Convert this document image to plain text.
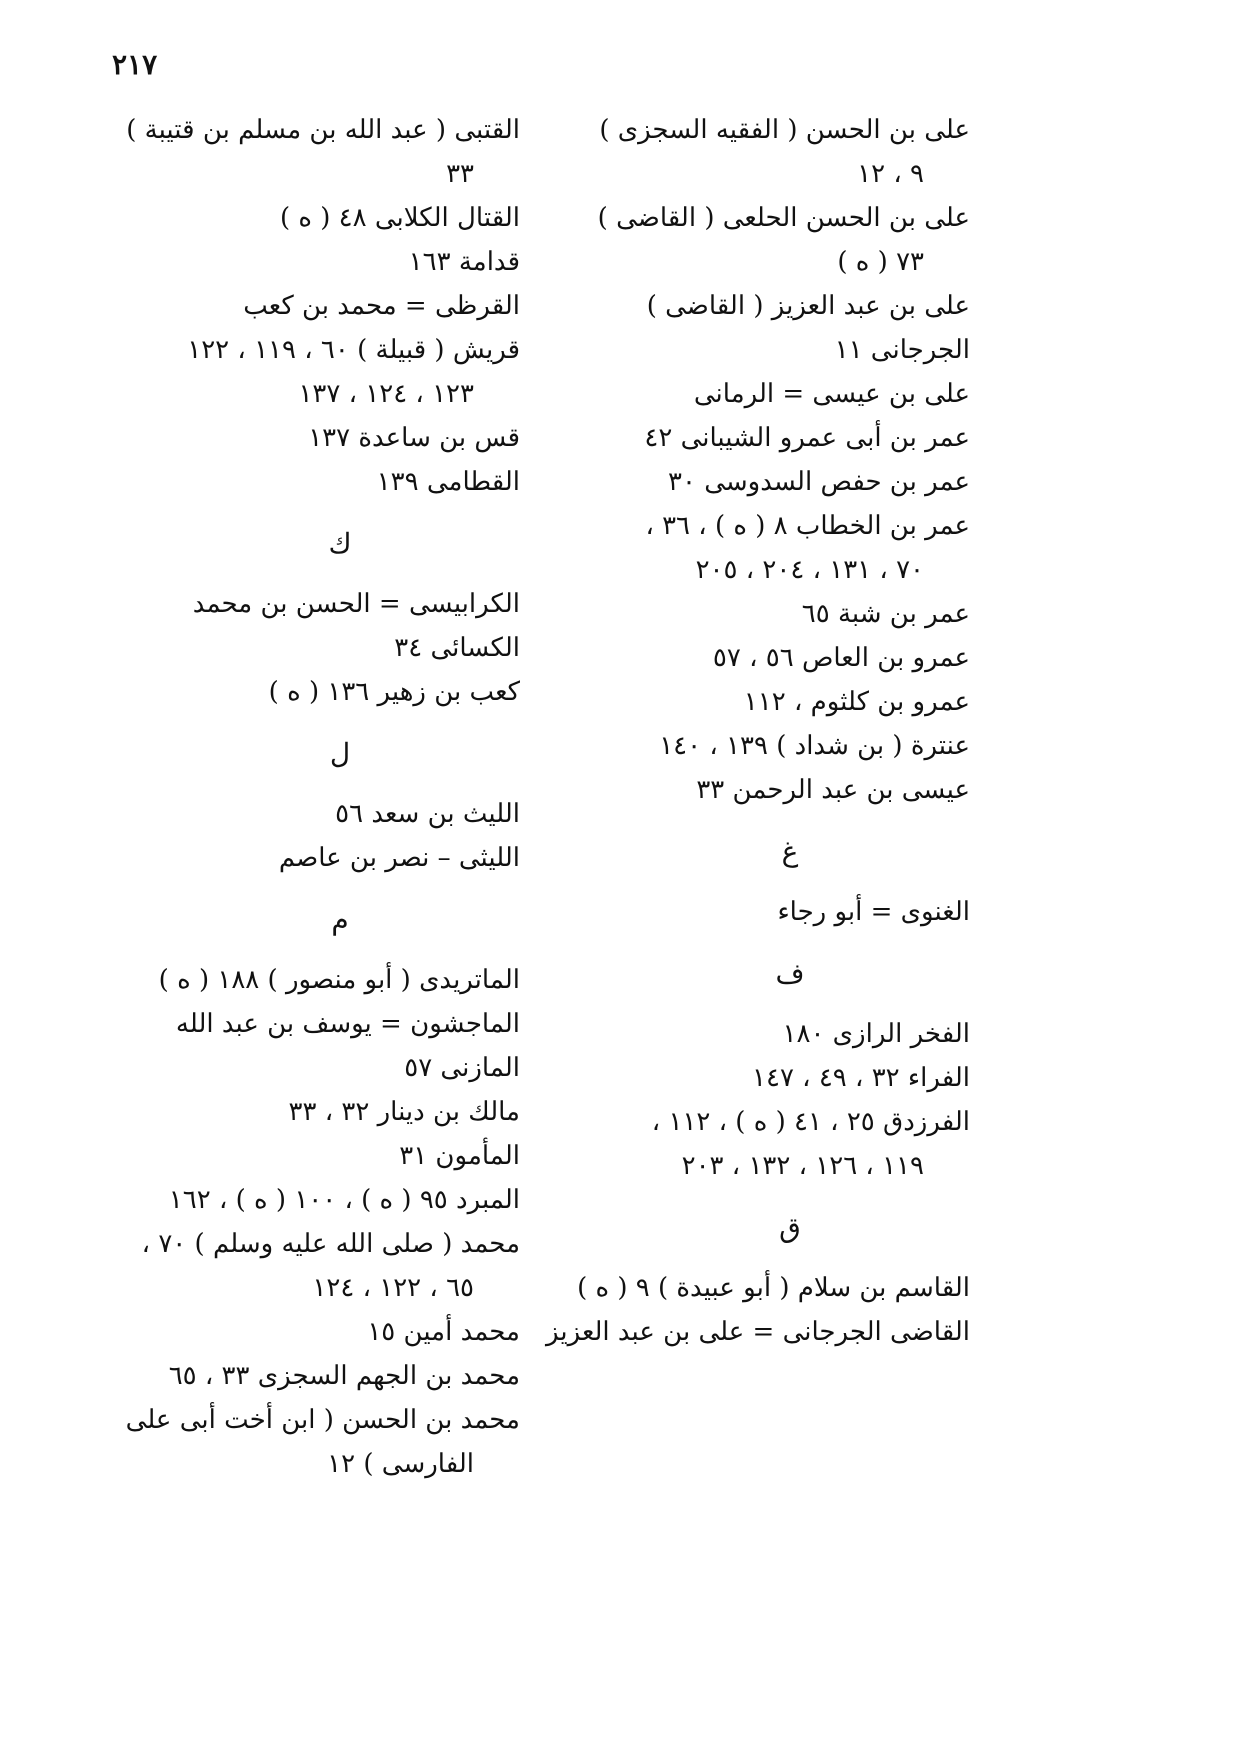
٢١٧
على بن الحسن ( الفقيه السجزى )
٩ ، ١٢
على بن الحسن الحلعى ( القاضى )
٧٣ ( ه )
على بن عبد العزيز ( القاضى )
الجرجانى ١١
على بن عيسى = الرمانى
عمر بن أبى عمرو الشيبانى ٤٢
عمر بن حفص السدوسى ٣٠
عمر بن الخطاب ٨ ( ه ) ، ٣٦ ،
٧٠ ، ١٣١ ، ٢٠٤ ، ٢٠٥
عمر بن شبة ٦٥
عمرو بن العاص ٥٦ ، ٥٧
عمرو بن كلثوم ، ١١٢
عنترة ( بن شداد ) ١٣٩ ، ١٤٠
عيسى بن عبد الرحمن ٣٣
غ
الغنوى = أبو رجاء
ف
الفخر الرازى ١٨٠
الفراء ٣٢ ، ٤٩ ، ١٤٧
الفرزدق ٢٥ ، ٤١ ( ه ) ، ١١٢ ،
١١٩ ، ١٢٦ ، ١٣٢ ، ٢٠٣
ق
القاسم بن سلام ( أبو عبيدة ) ٩ ( ه )
القاضى الجرجانى = على بن عبد العزيز
القتبى ( عبد الله بن مسلم بن قتيبة )
٣٣
القتال الكلابى ٤٨ ( ه )
قدامة ١٦٣
القرظى = محمد بن كعب
قريش ( قبيلة ) ٦٠ ، ١١٩ ، ١٢٢
١٢٣ ، ١٢٤ ، ١٣٧
قس بن ساعدة ١٣٧
القطامى ١٣٩
ك
الكرابيسى = الحسن بن محمد
الكسائى ٣٤
كعب بن زهير ١٣٦ ( ه )
ل
الليث بن سعد ٥٦
الليثى – نصر بن عاصم
م
الماتريدى ( أبو منصور ) ١٨٨ ( ه )
الماجشون = يوسف بن عبد الله
المازنى ٥٧
مالك بن دينار ٣٢ ، ٣٣
المأمون ٣١
المبرد ٩٥ ( ه ) ، ١٠٠ ( ه ) ، ١٦٢
محمد ( صلى الله عليه وسلم ) ٧٠ ،
٦٥ ، ١٢٢ ، ١٢٤
محمد أمين ١٥
محمد بن الجهم السجزى ٣٣ ، ٦٥
محمد بن الحسن ( ابن أخت أبى على
الفارسى ) ١٢
